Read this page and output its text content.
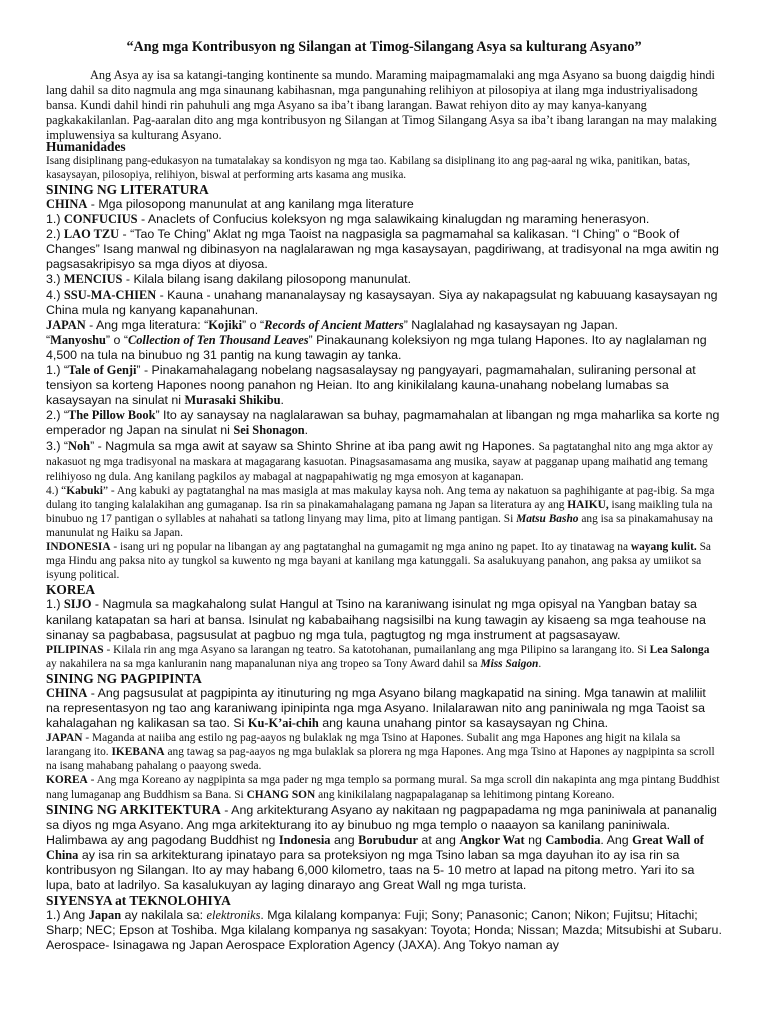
“Ang mga Kontribusyon ng Silangan at Timog-Silangang Asya sa kulturang Asyano”
Ang Asya ay isa sa katangi-tanging kontinente sa mundo. Maraming maipagmamalaki ang mga Asyano sa buong daigdig hindi lang dahil sa dito nagmula ang mga sinaunang kabihasnan, mga pangunahing relihiyon at pilosopiya at ilang mga industriyalisadong bansa. Kundi dahil hindi rin pahuhuli ang mga Asyano sa iba’t ibang larangan. Bawat rehiyon dito ay may kanya-kanyang pagkakakilanlan. Pag-aaralan dito ang mga kontribusyon ng Silangan at Timog Silangang Asya sa iba’t ibang larangan na may malaking impluwensiya sa kulturang Asyano.

Humanidades

Isang disiplinang pang-edukasyon na tumatalakay sa kondisyon ng mga tao. Kabilang sa disiplinang ito ang pag-aaral ng wika, panitikan, batas, kasaysayan, pilosopiya, relihiyon, biswal at performing arts kasama ang musika.

SINING NG LITERATURA

CHINA - Mga pilosopong manunulat at ang kanilang mga literature

1.) CONFUCIUS - Anaclets of Confucius koleksyon ng mga salawikaing kinalugdan ng maraming henerasyon.

2.) LAO TZU - “Tao Te Ching” Aklat ng mga Taoist na nagpasigla sa pagmamahal sa kalikasan. “I Ching” o “Book of Changes” Isang manwal ng dibinasyon na naglalarawan ng mga kasaysayan, pagdiriwang, at tradisyonal na mga awitin ng pagsasakripisyo sa mga diyos at diyosa.

3.) MENCIUS - Kilala bilang isang dakilang pilosopong manunulat.

4.) SSU-MA-CHIEN - Kauna - unahang mananalaysay ng kasaysayan. Siya ay nakapagsulat ng kabuuang kasaysayan ng China mula ng kanyang kapanahunan.

JAPAN - Ang mga literatura: “Kojiki” o “Records of Ancient Matters” Naglalahad ng kasaysayan ng Japan.
“Manyoshu” o “Collection of Ten Thousand Leaves” Pinakaunang koleksiyon ng mga tulang Hapones. Ito ay naglalaman ng 4,500 na tula na binubuo ng 31 pantig na kung tawagin ay tanka.

1.) “Tale of Genji” - Pinakamahalagang nobelang nagsasalaysay ng pangyayari, pagmamahalan, suliraning personal at tensiyon sa korteng Hapones noong panahon ng Heian. Ito ang kinikilalang kauna-unahang nobelang lumabas sa kasaysayan na sinulat ni Murasaki Shikibu.

2.) “The Pillow Book” Ito ay sanaysay na naglalarawan sa buhay, pagmamahalan at libangan ng mga maharlika sa korte ng emperador ng Japan na sinulat ni Sei Shonagon.

3.) “Noh” - Nagmula sa mga awit at sayaw sa Shinto Shrine at iba pang awit ng Hapones. Sa pagtatanghal nito ang mga aktor ay nakasuot ng mga tradisyonal na maskara at magagarang kasuotan. Pinagsasamasama ang musika, sayaw at pagganap upang maihatid ang temang relihiyoso ng dula. Ang kanilang pagkilos ay mabagal at nagpapahiwatig ng mga emosyon at kaganapan.

4.) “Kabuki” - Ang kabuki ay pagtatanghal na mas masigla at mas makulay kaysa noh. Ang tema ay nakatuon sa paghihigante at pag-ibig. Sa mga dulang ito tanging kalalakihan ang gumaganap. Isa rin sa pinakamahalagang pamana ng Japan sa literatura ay ang HAIKU, isang maikling tula na binubuo ng 17 pantigan o syllables at nahahati sa tatlong linyang may lima, pito at limang pantigan. Si Matsu Basho ang isa sa pinakamahusay na manunulat ng Haiku sa Japan.

INDONESIA - isang uri ng popular na libangan ay ang pagtatanghal na gumagamit ng mga anino ng papet. Ito ay tinatawag na wayang kulit. Sa mga Hindu ang paksa nito ay tungkol sa kuwento ng mga bayani at kanilang mga katunggali. Sa asalukuyang panahon, ang paksa ay umiikot sa isyung political.

KOREA

1.) SIJO - Nagmula sa magkahalong sulat Hangul at Tsino na karaniwang isinulat ng mga opisyal na Yangban batay sa kanilang katapatan sa hari at bansa. Isinulat ng kababaihang nagsisilbi na kung tawagin ay kisaeng sa mga teahouse na sinanay sa pagbabasa, pagsusulat at pagbuo ng mga tula, pagtugtog ng mga instrument at pagsasayaw.

PILIPINAS - Kilala rin ang mga Asyano sa larangan ng teatro. Sa katotohanan, pumailanlang ang mga Pilipino sa larangang ito. Si Lea Salonga ay nakahilera na sa mga kanluranin nang mapanalunan niya ang tropeo sa Tony Award dahil sa Miss Saigon.

SINING NG PAGPIPINTA

CHINA - Ang pagsusulat at pagpipinta ay itinuturing ng mga Asyano bilang magkapatid na sining. Mga tanawin at maliliit na representasyon ng tao ang karaniwang ipinipinta nga mga Asyano. Inilalarawan nito ang paniniwala ng mga Taoist sa kahalagahan ng kalikasan sa tao. Si Ku-K’ai-chih ang kauna unahang pintor sa kasaysayan ng China.

JAPAN - Maganda at naiiba ang estilo ng pag-aayos ng bulaklak ng mga Tsino at Hapones. Subalit ang mga Hapones ang higit na kilala sa larangang ito. IKEBANA ang tawag sa pag-aayos ng mga bulaklak sa plorera ng mga Hapones. Ang mga Tsino at Hapones ay nagpipinta sa scroll na isang mahabang pahalang o paayong sweda.

KOREA - Ang mga Koreano ay nagpipinta sa mga pader ng mga templo sa pormang mural. Sa mga scroll din nakapinta ang mga pintang Buddhist nang lumaganap ang Buddhism sa Bana. Si CHANG SON ang kinikilalang nagpapalaganap sa lehitimong pintang Koreano.

SINING NG ARKITEKTURA - Ang arkitekturang Asyano ay nakitaan ng pagpapadama ng mga paniniwala at pananalig sa diyos ng mga Asyano. Ang mga arkitekturang ito ay binubuo ng mga templo o naaayon sa kanilang paniniwala. Halimbawa ay ang pagodang Buddhist ng Indonesia ang Borubudur at ang Angkor Wat ng Cambodia. Ang Great Wall of China ay isa rin sa arkitekturang ipinatayo para sa proteksiyon ng mga Tsino laban sa mga dayuhan ito ay isa rin sa kontribusyon ng Silangan. Ito ay may habang 6,000 kilometro, taas na 5- 10 metro at lapad na pitong metro. Yari ito sa lupa, bato at ladrilyo. Sa kasalukuyan ay laging dinarayo ang Great Wall ng mga turista.

SIYENSYA at TEKNOLOHIYA

1.) Ang Japan ay nakilala sa: elektroniks. Mga kilalang kompanya: Fuji; Sony; Panasonic; Canon; Nikon; Fujitsu; Hitachi; Sharp; NEC; Epson at Toshiba. Mga kilalang kompanya ng sasakyan: Toyota; Honda; Nissan; Mazda; Mitsubishi at Subaru. Aerospace- Isinagawa ng Japan Aerospace Exploration Agency (JAXA). Ang Tokyo naman ay
